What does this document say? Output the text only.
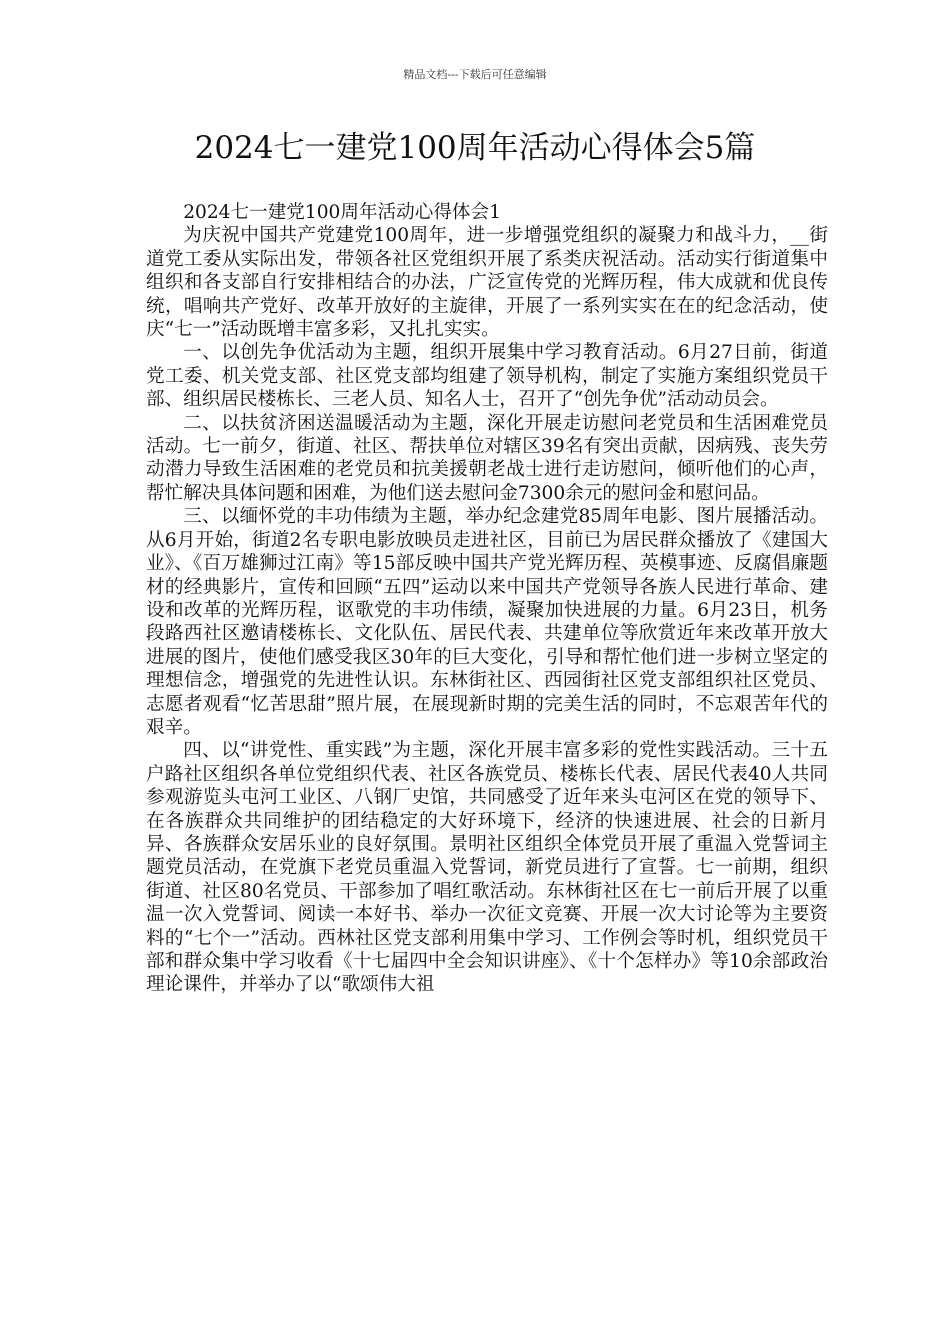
精品文档---下载后可任意编辑
2024七一建党100周年活动心得体会5篇

2024七一建党100周年活动心得体会1

为庆祝中国共产党建党100周年，进一步增强党组织的凝聚力和战斗力，__街道党工委从实际出发，带领各社区党组织开展了系类庆祝活动。活动实行街道集中组织和各支部自行安排相结合的办法，广泛宣传党的光辉历程，伟大成就和优良传统，唱响共产党好、改革开放好的主旋律，开展了一系列实实在在的纪念活动，使庆“七一”活动既增丰富多彩，又扎扎实实。

一、以创先争优活动为主题，组织开展集中学习教育活动。6月27日前，街道党工委、机关党支部、社区党支部均组建了领导机构，制定了实施方案组织党员干部、组织居民楼栋长、三老人员、知名人士，召开了“创先争优”活动动员会。

二、以扶贫济困送温暖活动为主题，深化开展走访慰问老党员和生活困难党员活动。七一前夕，街道、社区、帮扶单位对辖区39名有突出贡献，因病残、丧失劳动潜力导致生活困难的老党员和抗美援朝老战士进行走访慰问，倾听他们的心声，帮忙解决具体问题和困难，为他们送去慰问金7300余元的慰问金和慰问品。

三、以缅怀党的丰功伟绩为主题，举办纪念建党85周年电影、图片展播活动。从6月开始，街道2名专职电影放映员走进社区，目前已为居民群众播放了《建国大业》、《百万雄狮过江南》等15部反映中国共产党光辉历程、英模事迹、反腐倡廉题材的经典影片，宣传和回顾“五四”运动以来中国共产党领导各族人民进行革命、建设和改革的光辉历程，讴歌党的丰功伟绩，凝聚加快进展的力量。6月23日，机务段路西社区邀请楼栋长、文化队伍、居民代表、共建单位等欣赏近年来改革开放大进展的图片，使他们感受我区30年的巨大变化，引导和帮忙他们进一步树立坚定的理想信念，增强党的先进性认识。东林街社区、西园街社区党支部组织社区党员、志愿者观看“忆苦思甜”照片展，在展现新时期的完美生活的同时，不忘艰苦年代的艰辛。

四、以“讲党性、重实践”为主题，深化开展丰富多彩的党性实践活动。三十五户路社区组织各单位党组织代表、社区各族党员、楼栋长代表、居民代表40人共同参观游览头屯河工业区、八钢厂史馆，共同感受了近年来头屯河区在党的领导下、在各族群众共同维护的团结稳定的大好环境下，经济的快速进展、社会的日新月异、各族群众安居乐业的良好氛围。景明社区组织全体党员开展了重温入党誓词主题党员活动，在党旗下老党员重温入党誓词，新党员进行了宣誓。七一前期，组织街道、社区80名党员、干部参加了唱红歌活动。东林街社区在七一前后开展了以重温一次入党誓词、阅读一本好书、举办一次征文竞赛、开展一次大讨论等为主要资料的“七个一”活动。西林社区党支部利用集中学习、工作例会等时机，组织党员干部和群众集中学习收看《十七届四中全会知识讲座》、《十个怎样办》等10余部政治理论课件，并举办了以“歌颂伟大祖
